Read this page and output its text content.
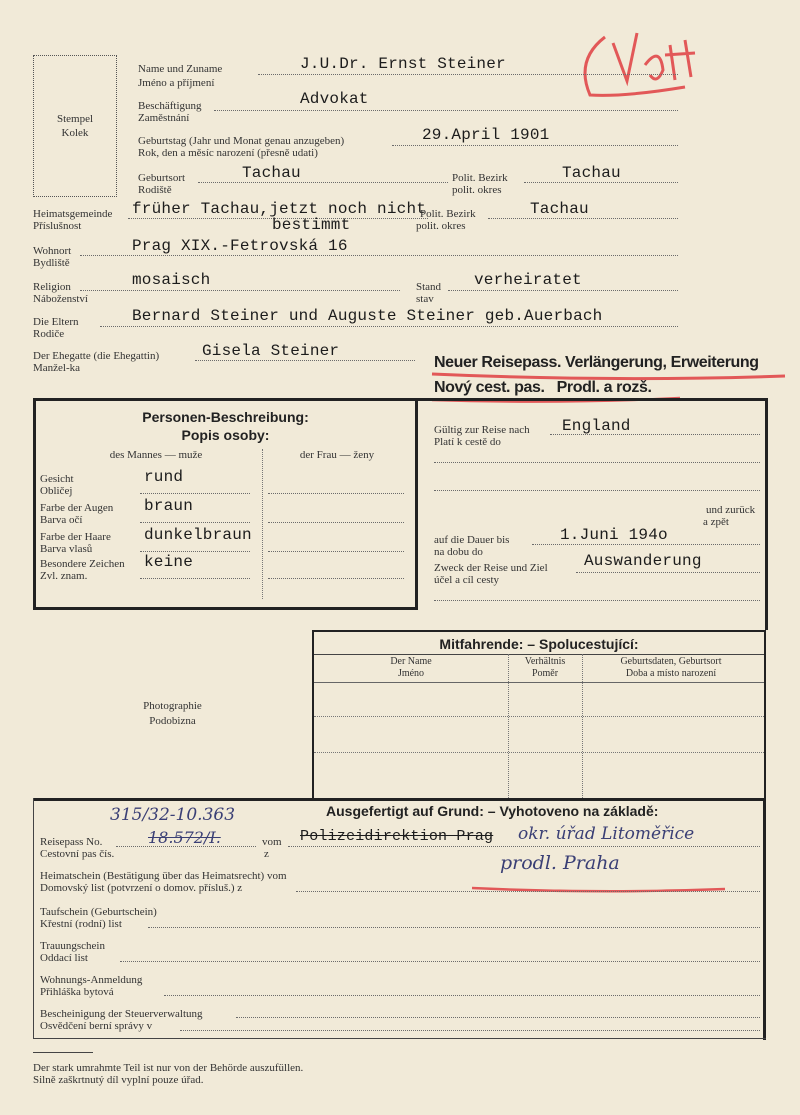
Stempel
Kolek
Name und Zuname
Jméno a příjmení
J.U.Dr. Ernst Steiner
Beschäftigung
Zaměstnání
Advokat
Geburtstag (Jahr und Monat genau anzugeben)
Rok, den a měsíc narození (přesně udati)
29.April 1901
Geburtsort
Rodiště
Tachau	Polit. Bezirk
polit. okres
Tachau
Heimatsgemeinde
Příslušnost
früher Tachau,jetzt noch nicht
bestimmt
Polit. Bezirk
polit. okres
Tachau
Wohnort
Bydliště
Prag XIX.-Fetrovská 16
Religion
Náboženství
mosaisch	Stand
stav
verheiratet
Die Eltern
Rodiče
Bernard Steiner und Auguste Steiner geb.Auerbach
Der Ehegatte (die Ehegattin)
Manžel-ka
Gisela Steiner
Neuer Reisepass. Verlängerung, Erweiterung
Nový cest. pas.   Prodl. a rozš.
Personen-Beschreibung:
Popis osoby:
des Mannes — muže	der Frau — ženy
Gesicht
Obličej
rund
Farbe der Augen
Barva očí
braun
Farbe der Haare
Barva vlasů
dunkelbraun
Besondere Zeichen
Zvl. znam.
keine
Gültig zur Reise nach
Platí k cestě do
England
und zurück
a zpět
auf die Dauer bis
na dobu do
1.Juni 194o
Zweck der Reise und Ziel
účel a cíl cesty
Auswanderung
Photographie
Podobizna
Mitfahrende: – Spolucestující:
Der Name
Jméno
Verhältnis
Poměr
Geburtsdaten, Geburtsort
Doba a místo narození
Ausgefertigt auf Grund: – Vyhotoveno na základě:
315/32-10.363
Reisepass No.
Cestovní pas čís.
18.572/I.	vom
z
Polizeidirektion Prag okr. úřad Litoměřice
prodl. Praha
Heimatschein (Bestätigung über das Heimatsrecht) vom
Domovský list (potvrzení o domov. přísluš.) z
Taufschein (Geburtschein)
Křestní (rodní) list
Trauungschein
Oddací list
Wohnungs-Anmeldung
Přihláška bytová
Bescheinigung der Steuerverwaltung
Osvědčení berní správy v
Der stark umrahmte Teil ist nur von der Behörde auszufüllen.
Silně zaškrtnutý díl vyplní pouze úřad.
